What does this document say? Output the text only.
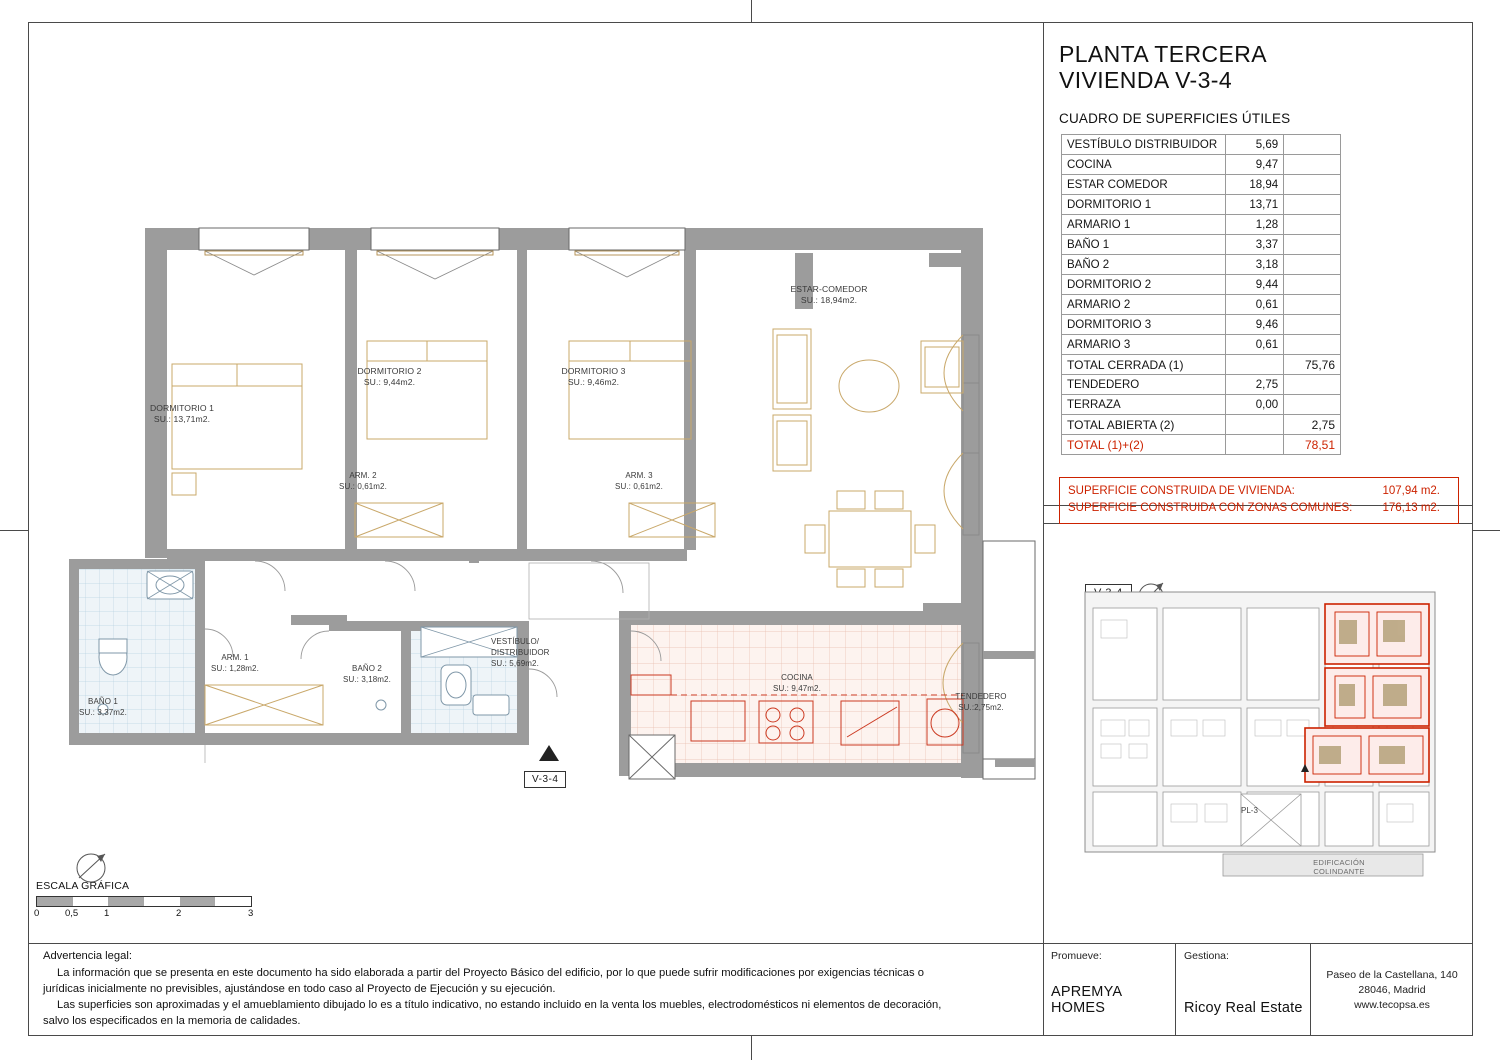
DORMITORIO 1
SU.: 13,71m2.
DORMITORIO 2
SU.: 9,44m2.
DORMITORIO 3
SU.: 9,46m2.
ESTAR-COMEDOR
SU.: 18,94m2.
ARM. 2
SU.: 0,61m2.
ARM. 3
SU.: 0,61m2.
ARM. 1
SU.: 1,28m2.
BAÑO 1
SU.: 3,37m2.
BAÑO 2
SU.: 3,18m2.
VESTÍBULO/
DISTRIBUIDOR
SU.: 5,69m2.
COCINA
SU.: 9,47m2.
TENDEDERO
SU.:2,75m2.
V-3-4
ESCALA GRÁFICA
0	0,5	1	2	3
PLANTA TERCERA
VIVIENDA V-3-4
CUADRO DE SUPERFICIES ÚTILES
VESTÍBULO DISTRIBUIDOR	5,69	
COCINA	9,47	
ESTAR COMEDOR	18,94	
DORMITORIO 1	13,71	
ARMARIO 1	1,28	
BAÑO 1	3,37	
BAÑO 2	3,18	
DORMITORIO 2	9,44	
ARMARIO 2	0,61	
DORMITORIO 3	9,46	
ARMARIO 3	0,61	
TOTAL CERRADA (1)		75,76
TENDEDERO	2,75	
TERRAZA	0,00	
TOTAL ABIERTA (2)		2,75
TOTAL (1)+(2)		78,51
SUPERFICIE CONSTRUIDA DE VIVIENDA:	107,94 m2.
SUPERFICIE CONSTRUIDA CON ZONAS COMUNES:	176,13 m2.
PL-3
EDIFICACIÓN
COLINDANTE

Advertencia legal:

La información que se presenta en este documento ha sido elaborada a partir del Proyecto Básico del edificio, por lo que puede sufrir modificaciones por exigencias técnicas o

jurídicas inicialmente no previsibles, ajustándose en todo caso al Proyecto de Ejecución y su ejecución.

Las superficies son aproximadas y el amueblamiento dibujado lo es a título indicativo, no estando incluido en la venta los muebles, electrodomésticos ni elementos de decoración,

salvo los especificados en la memoria de calidades.

Promueve:
APREMYA HOMES
Gestiona:
Ricoy Real Estate
Paseo de la Castellana, 140
28046, Madrid
www.tecopsa.es
